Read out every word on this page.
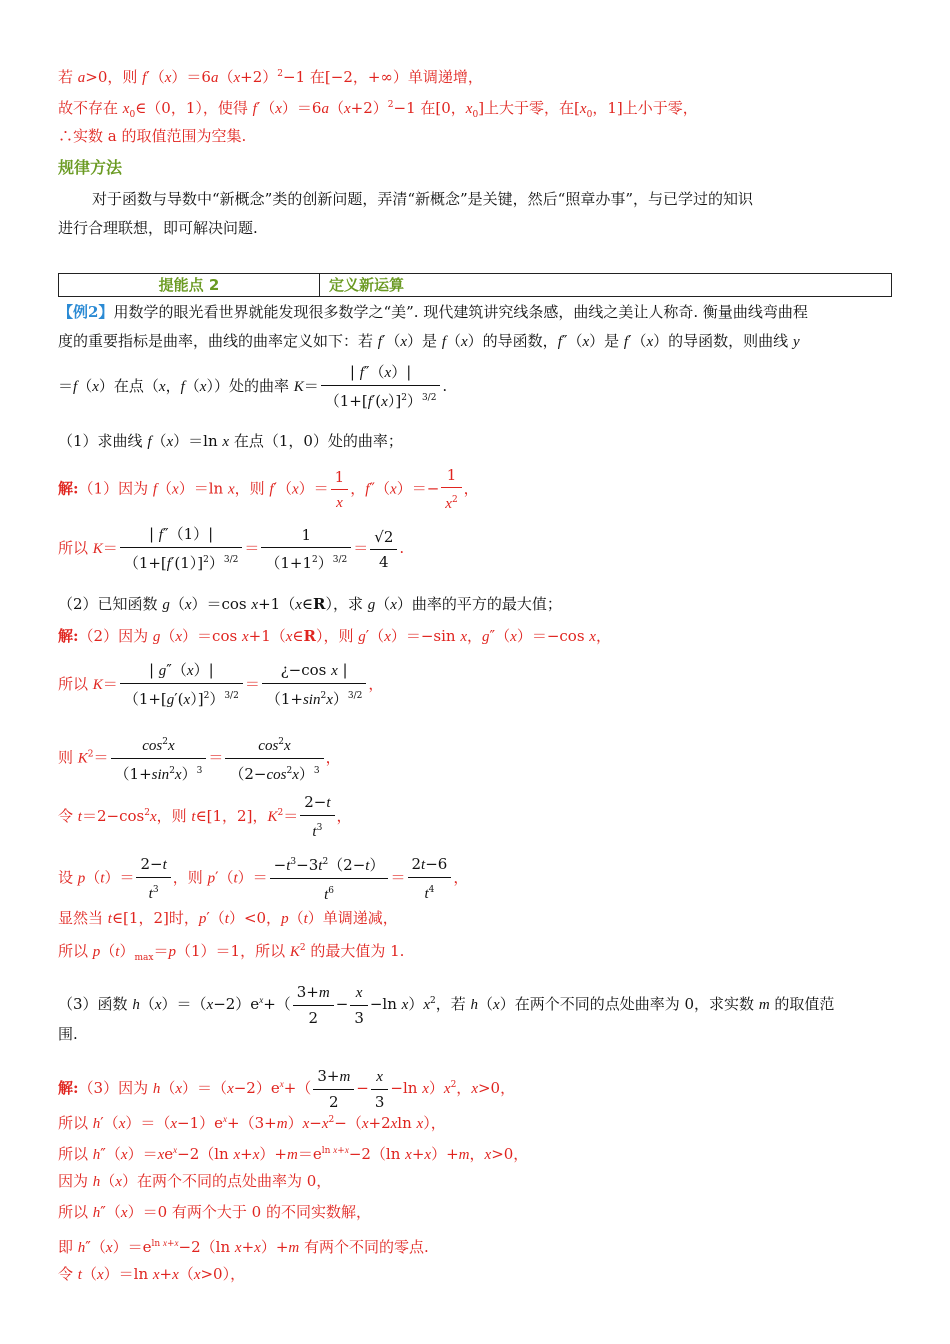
若 a>0，则 $f'(x)=6a(x+2)^2-1$ 在[−2，+∞）单调递增，
故不存在 $x_0\in(0$，1），使得 $f'(x)=6a(x+2)^2-1$ 在[0，$x_0$]上大于零，在[$x_0$，1]上小于零，
∴实数 a 的取值范围为空集.
规律方法
对于函数与导数中“新概念”类的创新问题，弄清“新概念”是关键，然后“照章办事”，与已学过的知识
进行合理联想，即可解决问题.
提能点 2	定义新运算
【例2】用数学的眼光看世界就能发现很多数学之“美”. 现代建筑讲究线条感，曲线之美让人称奇. 衡量曲线弯曲程
度的重要指标是曲率，曲线的曲率定义如下：若 f′（x）是 f（x）的导函数，f″（x）是 f′（x）的导函数，则曲线 y
＝f（x）在点（x，f（x））处的曲率 $K= \frac{| f''(x)|}{(1+[f'(x)]^2)^{3/2}}$ .
（1）求曲线 f（x）＝ln x 在点（1，0）处的曲率；
解:（1）因为 f（x）＝ln x，则 $f'(x)= \frac{1}{x}$ ，$f''(x)=- \frac{1}{x^2}$ ，
所以 $K= \frac{| f''(1)|}{(1+[f'(1)]^2)^{3/2}} = \frac{1}{(1+1^2)^{3/2}} = \frac{√2}{4}$ .
（2）已知函数 g（x）＝cos x+1（x∈R），求 g（x）曲率的平方的最大值；
解:（2）因为 g（x）＝cos x+1（x∈R），则 g′（x）＝−sin x，g″（x）＝−cos x，
所以 $K= \frac{| g''(x)|}{(1+[g'(x)]^2)^{3/2}} = \frac{\text{¿−cos x |}}{(1+\sin^2x)^{3/2}}$ ，
则 $K^2= \frac{\cos^2x}{(1+\sin^2x)^3} = \frac{\cos^2x}{(2-\cos^2x)^3}$ ，
令 $t=2-\cos^2x$，则 t∈[1，2]，$K^2= \frac{2-t}{t^3}$ ，
设 $p(t)= \frac{2-t}{t^3}$ ，则 $p'(t)= \frac{-t^3-3t^2(2-t)}{t^6} = \frac{2t-6}{t^4}$ ，
显然当 t∈[1，2]时，p′（t）<0，p（t）单调递减，
所以 $p(t)_{max}=p(1)=1$，所以 $K^2$ 的最大值为 1.
（3）函数 $h(x)=(x-2)e^x+( \frac{3+m}{2} - \frac{x}{3} -\ln$ $x)x^2$，若 h（x）在两个不同的点处曲率为 0，求实数 m 的取值范
围.
解:（3）因为 $h(x)=(x-2)e^x+( \frac{3+m}{2} - \frac{x}{3} -\ln$ $x)x^2$，x>0，
所以 $h'(x)=(x-1)e^x+(3+m)x-x^2-(x+2xln$ x），
所以 $h''(x)=xe^x-2(\ln$ $x+x)+m=e^{ln x+x}-2(\ln$ x+x）+m，x>0，
因为 h（x）在两个不同的点处曲率为 0，
所以 h″（x）＝0 有两个大于 0 的不同实数解，
即 $h''(x)=e^{ln x+x}-2(\ln$ x+x）+m 有两个不同的零点.
令 t（x）＝ln x+x（x>0），
